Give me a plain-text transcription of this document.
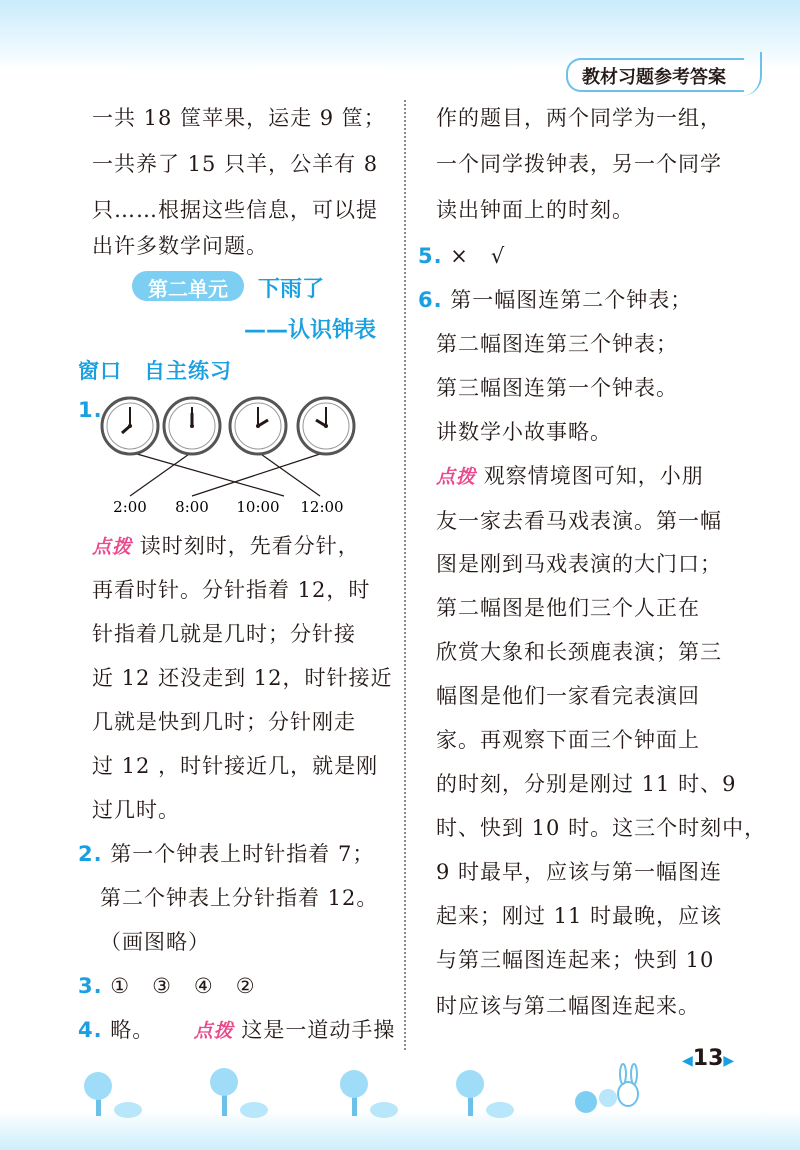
教材习题参考答案
一共 18 筐苹果，运走 9 筐；
一共养了 15 只羊，公羊有 8
只……根据这些信息，可以提
出许多数学问题。
第二单元	下雨了
——认识钟表
窗口　自主练习
1.
2:00 8:00 10:00 12:00
点拨 读时刻时，先看分针，
再看时针。分针指着 12，时
针指着几就是几时；分针接
近 12 还没走到 12，时针接近
几就是快到几时；分针刚走
过 12 ，时针接近几，就是刚
过几时。
2. 第一个钟表上时针指着 7；
第二个钟表上分针指着 12。
（画图略）
3. ①　③　④　②
4. 略。 点拨 这是一道动手操
作的题目，两个同学为一组，
一个同学拨钟表，另一个同学
读出钟面上的时刻。
5. ×　√
6. 第一幅图连第二个钟表；
第二幅图连第三个钟表；
第三幅图连第一个钟表。
讲数学小故事略。
点拨 观察情境图可知，小朋
友一家去看马戏表演。第一幅
图是刚到马戏表演的大门口；
第二幅图是他们三个人正在
欣赏大象和长颈鹿表演；第三
幅图是他们一家看完表演回
家。再观察下面三个钟面上
的时刻，分别是刚过 11 时、9
时、快到 10 时。这三个时刻中，
9 时最早，应该与第一幅图连
起来；刚过 11 时最晚，应该
与第三幅图连起来；快到 10
时应该与第二幅图连起来。
◀13▶
